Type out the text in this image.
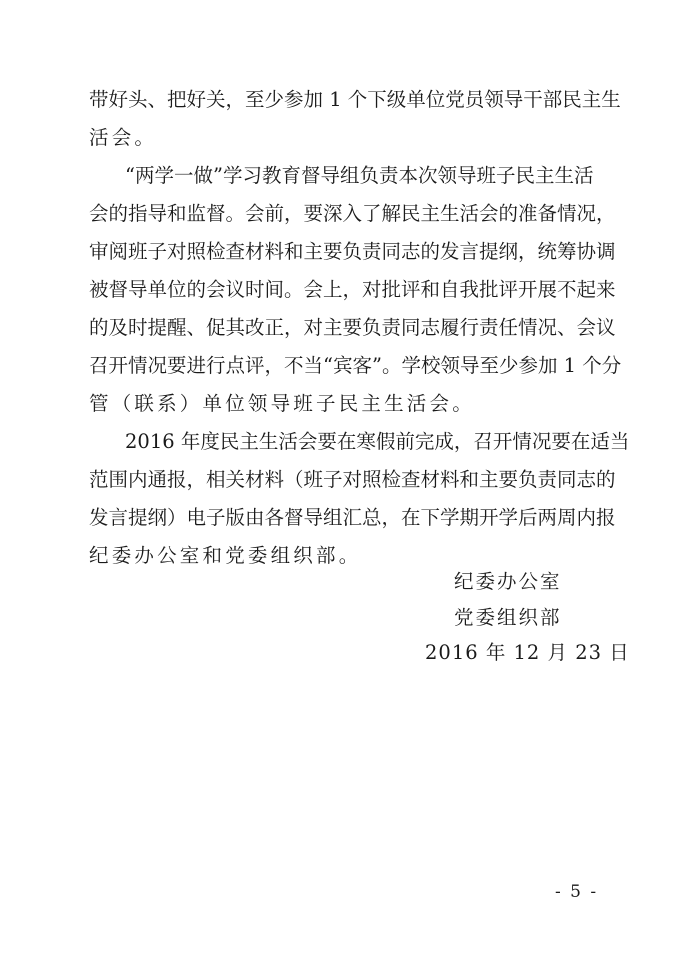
带好头、把好关，至少参加 1 个下级单位党员领导干部民主生
活会。
“两学一做”学习教育督导组负责本次领导班子民主生活
会的指导和监督。会前，要深入了解民主生活会的准备情况，
审阅班子对照检查材料和主要负责同志的发言提纲，统筹协调
被督导单位的会议时间。会上，对批评和自我批评开展不起来
的及时提醒、促其改正，对主要负责同志履行责任情况、会议
召开情况要进行点评，不当“宾客”。学校领导至少参加 1 个分
管（联系）单位领导班子民主生活会。
2016 年度民主生活会要在寒假前完成，召开情况要在适当
范围内通报，相关材料（班子对照检查材料和主要负责同志的
发言提纲）电子版由各督导组汇总，在下学期开学后两周内报
纪委办公室和党委组织部。
纪委办公室
党委组织部
2016 年 12 月 23 日
- 5 -
